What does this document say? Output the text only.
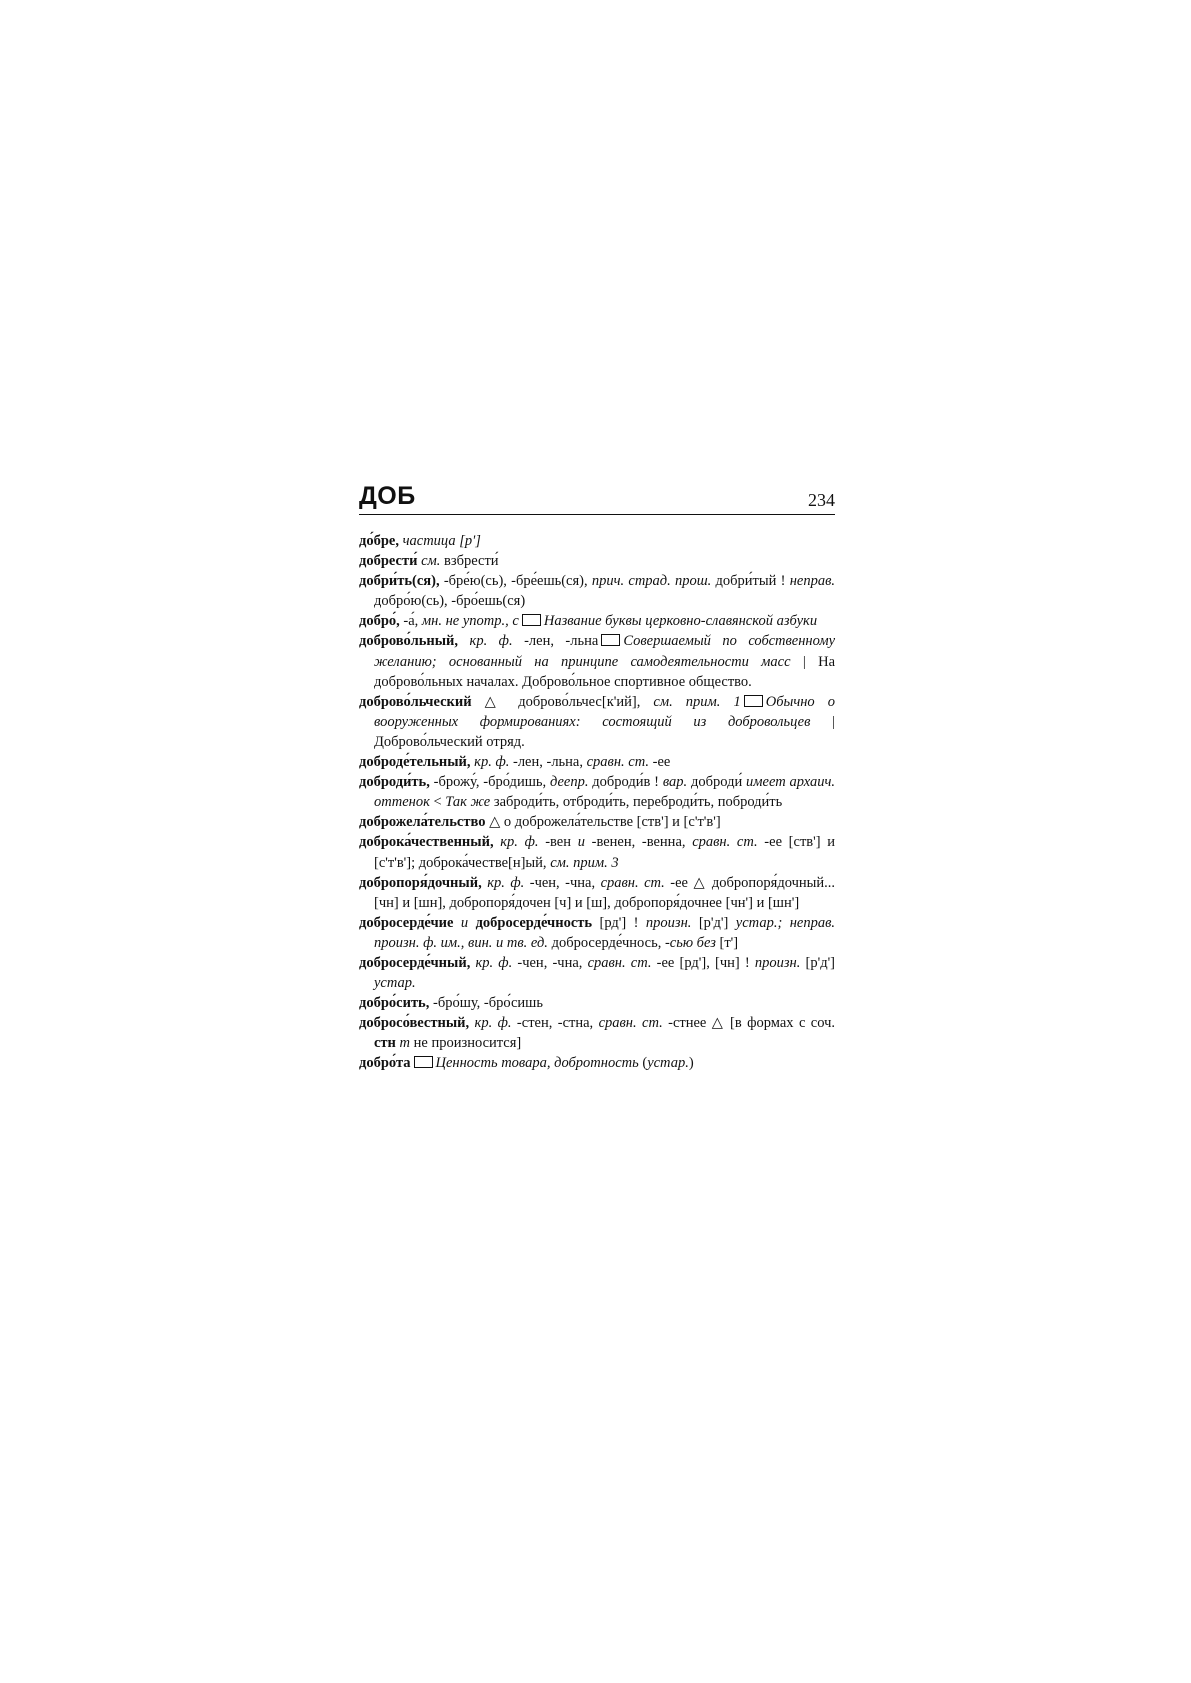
ДОБ	234

до́бре, частица [р']

добрести́ см. взбрести́

добри́ть(ся), -бре́ю(сь), -бре́ешь(ся), прич. страд. прош. добри́тый ! неправ. добро́ю(сь), -бро́ешь(ся)

добро́, -а́, мн. не употр., с Название буквы церковно-славянской азбуки

доброво́льный, кр. ф. -лен, -льна Совершаемый по собственному желанию; основанный на принципе самодеятельности масс | На доброво́льных началах. Доброво́льное спортивное общество.

доброво́льческий △ доброво́льчес[к'ий], см. прим. 1 Обычно о вооруженных формированиях: состоящий из добровольцев | Доброво́льческий отряд.

доброде́тельный, кр. ф. -лен, -льна, сравн. ст. -ее

доброди́ть, -брожу́, -бро́дишь, деепр. доброди́в ! вар. доброди́ имеет архаич. оттенок < Так же заброди́ть, отброди́ть, переброди́ть, поброди́ть

доброжела́тельство △ о доброжела́тельстве [ств'] и [с'т'в']

доброка́чественный, кр. ф. -вен и -венен, -венна, сравн. ст. -ее [ств'] и [с'т'в']; доброка́честве[н]ый, см. прим. 3

добропоря́дочный, кр. ф. -чен, -чна, сравн. ст. -ее △ добропоря́дочный... [чн] и [шн], добропоря́дочен [ч] и [ш], добропоря́дочнее [чн'] и [шн']

добросерде́чие и добросерде́чность [рд'] ! произн. [р'д'] устар.; неправ. произн. ф. им., вин. и тв. ед. добросерде́чнось, -сью без [т']

добросерде́чный, кр. ф. -чен, -чна, сравн. ст. -ее [рд'], [чн] ! произн. [р'д'] устар.

добро́сить, -бро́шу, -бро́сишь

добросо́вестный, кр. ф. -стен, -стна, сравн. ст. -стнее △ [в формах с соч. стн т не произносится]

добро́та Ценность товара, добротность (устар.)
